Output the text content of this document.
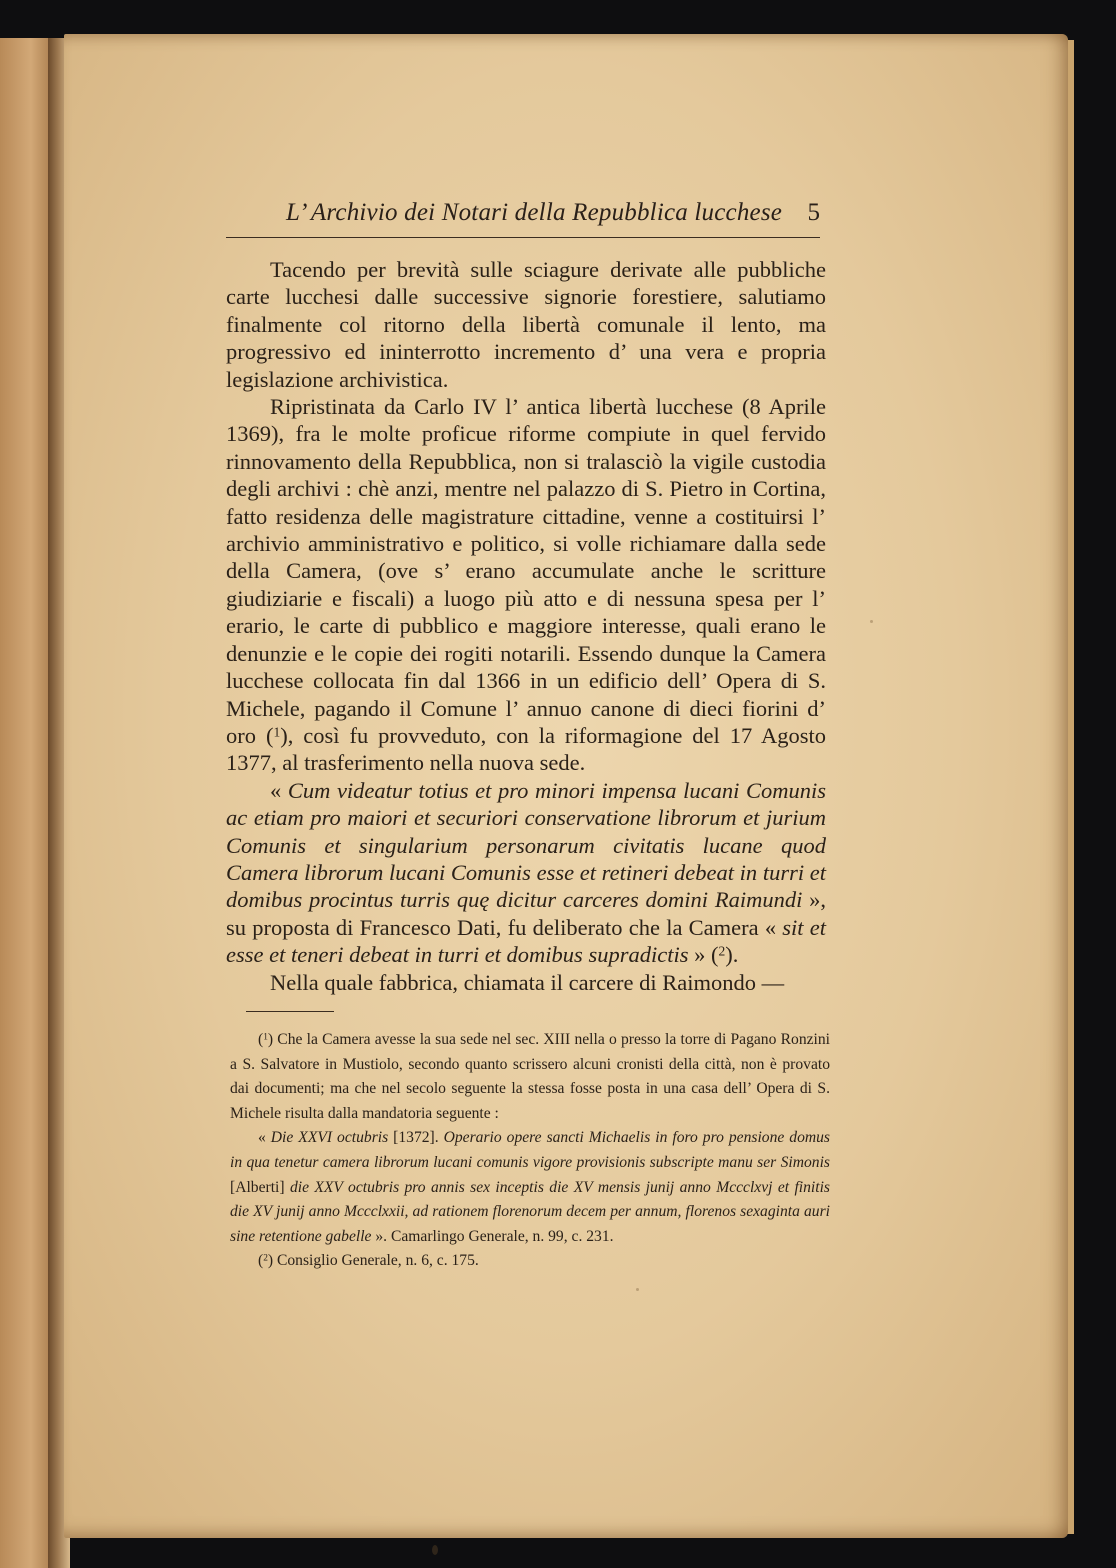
L’ Archivio dei Notari della Repubblica lucchese 5

Tacendo per brevità sulle sciagure derivate alle pubbliche carte lucchesi dalle successive signorie forestiere, salutiamo finalmente col ritorno della libertà comunale il lento, ma progressivo ed ininterrotto incremento d’ una vera e propria legislazione archivistica.

Ripristinata da Carlo IV l’ antica libertà lucchese (8 Aprile 1369), fra le molte proficue riforme compiute in quel fervido rinnovamento della Repubblica, non si tralasciò la vigile custodia degli archivi : chè anzi, mentre nel palazzo di S. Pietro in Cortina, fatto residenza delle magistrature cittadine, venne a costituirsi l’ archivio amministrativo e politico, si volle richiamare dalla sede della Camera, (ove s’ erano accumulate anche le scritture giudiziarie e fiscali) a luogo più atto e di nessuna spesa per l’ erario, le carte di pubblico e maggiore interesse, quali erano le denunzie e le copie dei rogiti notarili. Essendo dunque la Camera lucchese collocata fin dal 1366 in un edificio dell’ Opera di S. Michele, pagando il Comune l’ annuo canone di dieci fiorini d’ oro ($^1$), così fu provveduto, con la riformagione del 17 Agosto 1377, al trasferimento nella nuova sede.

« Cum videatur totius et pro minori impensa lucani Comunis ac etiam pro maiori et securiori conservatione librorum et jurium Comunis et singularium personarum civitatis lucane quod Camera librorum lucani Comunis esse et retineri debeat in turri et domibus procintus turris quę dicitur carceres domini Raimundi », su proposta di Francesco Dati, fu deliberato che la Camera « sit et esse et teneri debeat in turri et domibus supradictis » ($^2$).

Nella quale fabbrica, chiamata il carcere di Raimondo —

($^1$) Che la Camera avesse la sua sede nel sec. XIII nella o presso la torre di Pagano Ronzini a S. Salvatore in Mustiolo, secondo quanto scrissero alcuni cronisti della città, non è provato dai documenti; ma che nel secolo seguente la stessa fosse posta in una casa dell’ Opera di S. Michele risulta dalla mandatoria seguente :

« Die XXVI octubris [1372]. Operario opere sancti Michaelis in foro pro pensione domus in qua tenetur camera librorum lucani comunis vigore provisionis subscripte manu ser Simonis [Alberti] die XXV octubris pro annis sex inceptis die XV mensis junij anno Mccclxvj et finitis die XV junij anno Mccclxxii, ad rationem florenorum decem per annum, florenos sexaginta auri sine retentione gabelle ». Camarlingo Generale, n. 99, c. 231.

($^2$) Consiglio Generale, n. 6, c. 175.
